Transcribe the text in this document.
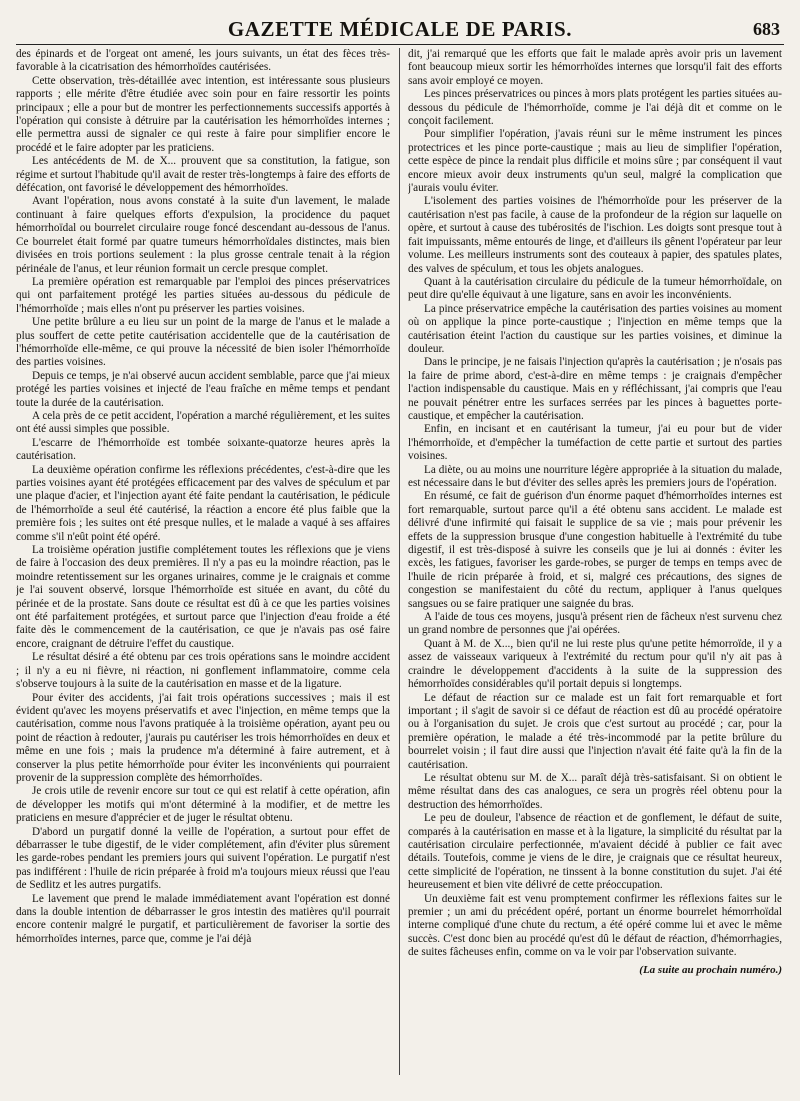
GAZETTE MÉDICALE DE PARIS.	683

des épinards et de l'orgeat ont amené, les jours suivants, un état des fèces très-favorable à la cicatrisation des hémorrhoïdes cautérisées.

Cette observation, très-détaillée avec intention, est intéressante sous plusieurs rapports ; elle mérite d'être étudiée avec soin pour en faire ressortir les points principaux ; elle a pour but de montrer les perfectionnements successifs apportés à l'opération qui consiste à détruire par la cautérisation les hémorrhoïdes internes ; elle permettra aussi de signaler ce qui reste à faire pour simplifier encore le procédé et le faire adopter par les praticiens.

Les antécédents de M. de X... prouvent que sa constitution, la fatigue, son régime et surtout l'habitude qu'il avait de rester très-longtemps à faire des efforts de défécation, ont favorisé le développement des hémorrhoïdes.

Avant l'opération, nous avons constaté à la suite d'un lavement, le malade continuant à faire quelques efforts d'expulsion, la procidence du paquet hémorrhoïdal ou bourrelet circulaire rouge foncé descendant au-dessous de l'anus. Ce bourrelet était formé par quatre tumeurs hémorrhoïdales distinctes, mais bien divisées en trois portions seulement : la plus grosse centrale tenait à la région périnéale de l'anus, et leur réunion formait un cercle presque complet.

La première opération est remarquable par l'emploi des pinces préservatrices qui ont parfaitement protégé les parties situées au-dessous du pédicule de l'hémorrhoïde ; mais elles n'ont pu préserver les parties voisines.

Une petite brûlure a eu lieu sur un point de la marge de l'anus et le malade a plus souffert de cette petite cautérisation accidentelle que de la cautérisation de l'hémorrhoïde elle-même, ce qui prouve la nécessité de bien isoler l'hémorrhoïde des parties voisines.

Depuis ce temps, je n'ai observé aucun accident semblable, parce que j'ai mieux protégé les parties voisines et injecté de l'eau fraîche en même temps et pendant toute la durée de la cautérisation.

A cela près de ce petit accident, l'opération a marché régulièrement, et les suites ont été aussi simples que possible.

L'escarre de l'hémorrhoïde est tombée soixante-quatorze heures après la cautérisation.

La deuxième opération confirme les réflexions précédentes, c'est-à-dire que les parties voisines ayant été protégées efficacement par des valves de spéculum et par une plaque d'acier, et l'injection ayant été faite pendant la cautérisation, le pédicule de l'hémorrhoïde a seul été cautérisé, la réaction a encore été plus faible que la première fois ; les suites ont été presque nulles, et le malade a vaqué à ses affaires comme s'il n'eût point été opéré.

La troisième opération justifie complétement toutes les réflexions que je viens de faire à l'occasion des deux premières. Il n'y a pas eu la moindre réaction, pas le moindre retentissement sur les organes urinaires, comme je le craignais et comme je l'ai souvent observé, lorsque l'hémorrhoïde est située en avant, du côté du périnée et de la prostate. Sans doute ce résultat est dû à ce que les parties voisines ont été parfaitement protégées, et surtout parce que l'injection d'eau froide a été faite dès le commencement de la cautérisation, ce que je n'avais pas osé faire encore, craignant de détruire l'effet du caustique.

Le résultat désiré a été obtenu par ces trois opérations sans le moindre accident ; il n'y a eu ni fièvre, ni réaction, ni gonflement inflammatoire, comme cela s'observe toujours à la suite de la cautérisation en masse et de la ligature.

Pour éviter des accidents, j'ai fait trois opérations successives ; mais il est évident qu'avec les moyens préservatifs et avec l'injection, en même temps que la cautérisation, comme nous l'avons pratiquée à la troisième opération, ayant peu ou point de réaction à redouter, j'aurais pu cautériser les trois hémorrhoïdes en deux et même en une fois ; mais la prudence m'a déterminé à faire autrement, et à conserver la plus petite hémorrhoïde pour éviter les inconvénients qui pourraient provenir de la suppression complète des hémorrhoïdes.

Je crois utile de revenir encore sur tout ce qui est relatif à cette opération, afin de développer les motifs qui m'ont déterminé à la modifier, et de mettre les praticiens en mesure d'apprécier et de juger le résultat obtenu.

D'abord un purgatif donné la veille de l'opération, a surtout pour effet de débarrasser le tube digestif, de le vider complétement, afin d'éviter plus sûrement les garde-robes pendant les premiers jours qui suivent l'opération. Le purgatif n'est pas indifférent : l'huile de ricin préparée à froid m'a toujours mieux réussi que l'eau de Sedlitz et les autres purgatifs.

Le lavement que prend le malade immédiatement avant l'opération est donné dans la double intention de débarrasser le gros intestin des matières qu'il pourrait encore contenir malgré le purgatif, et particulièrement de favoriser la sortie des hémorrhoïdes internes, parce que, comme je l'ai déjà

dit, j'ai remarqué que les efforts que fait le malade après avoir pris un lavement font beaucoup mieux sortir les hémorrhoïdes internes que lorsqu'il fait des efforts sans avoir employé ce moyen.

Les pinces préservatrices ou pinces à mors plats protégent les parties situées au-dessous du pédicule de l'hémorrhoïde, comme je l'ai déjà dit et comme on le conçoit facilement.

Pour simplifier l'opération, j'avais réuni sur le même instrument les pinces protectrices et les pince porte-caustique ; mais au lieu de simplifier l'opération, cette espèce de pince la rendait plus difficile et moins sûre ; par conséquent il vaut encore mieux avoir deux instruments qu'un seul, malgré la complication que j'aurais voulu éviter.

L'isolement des parties voisines de l'hémorrhoïde pour les préserver de la cautérisation n'est pas facile, à cause de la profondeur de la région sur laquelle on opère, et surtout à cause des tubérosités de l'ischion. Les doigts sont presque tout à fait impuissants, même entourés de linge, et d'ailleurs ils gênent l'opérateur par leur volume. Les meilleurs instruments sont des couteaux à papier, des spatules plates, des valves de spéculum, et tous les objets analogues.

Quant à la cautérisation circulaire du pédicule de la tumeur hémorrhoïdale, on peut dire qu'elle équivaut à une ligature, sans en avoir les inconvénients.

La pince préservatrice empêche la cautérisation des parties voisines au moment où on applique la pince porte-caustique ; l'injection en même temps que la cautérisation éteint l'action du caustique sur les parties voisines, et diminue la douleur.

Dans le principe, je ne faisais l'injection qu'après la cautérisation ; je n'osais pas la faire de prime abord, c'est-à-dire en même temps : je craignais d'empêcher l'action indispensable du caustique. Mais en y réfléchissant, j'ai compris que l'eau ne pouvait pénétrer entre les surfaces serrées par les pinces à baguettes porte-caustique, et empêcher la cautérisation.

Enfin, en incisant et en cautérisant la tumeur, j'ai eu pour but de vider l'hémorrhoïde, et d'empêcher la tuméfaction de cette partie et surtout des parties voisines.

La diète, ou au moins une nourriture légère appropriée à la situation du malade, est nécessaire dans le but d'éviter des selles après les premiers jours de l'opération.

En résumé, ce fait de guérison d'un énorme paquet d'hémorrhoïdes internes est fort remarquable, surtout parce qu'il a été obtenu sans accident. Le malade est délivré d'une infirmité qui faisait le supplice de sa vie ; mais pour prévenir les effets de la suppression brusque d'une congestion habituelle à l'extrémité du tube digestif, il est très-disposé à suivre les conseils que je lui ai donnés : éviter les excès, les fatigues, favoriser les garde-robes, se purger de temps en temps avec de l'huile de ricin préparée à froid, et si, malgré ces précautions, des signes de congestion se manifestaient du côté du rectum, appliquer à l'anus quelques sangsues ou se faire pratiquer une saignée du bras.

A l'aide de tous ces moyens, jusqu'à présent rien de fâcheux n'est survenu chez un grand nombre de personnes que j'ai opérées.

Quant à M. de X..., bien qu'il ne lui reste plus qu'une petite hémorroïde, il y a assez de vaisseaux variqueux à l'extrémité du rectum pour qu'il n'y ait pas à craindre le développement d'accidents à la suite de la suppression des hémorrhoïdes considérables qu'il portait depuis si longtemps.

Le défaut de réaction sur ce malade est un fait fort remarquable et fort important ; il s'agit de savoir si ce défaut de réaction est dû au procédé opératoire ou à l'organisation du sujet. Je crois que c'est surtout au procédé ; car, pour la première opération, le malade a été très-incommodé par la petite brûlure du bourrelet voisin ; il faut dire aussi que l'injection n'avait été faite qu'à la fin de la cautérisation.

Le résultat obtenu sur M. de X... paraît déjà très-satisfaisant. Si on obtient le même résultat dans des cas analogues, ce sera un progrès réel obtenu pour la destruction des hémorrhoïdes.

Le peu de douleur, l'absence de réaction et de gonflement, le défaut de suite, comparés à la cautérisation en masse et à la ligature, la simplicité du résultat par la cautérisation circulaire perfectionnée, m'avaient décidé à publier ce fait avec détails. Toutefois, comme je viens de le dire, je craignais que ce résultat heureux, cette simplicité de l'opération, ne tinssent à la bonne constitution du sujet. J'ai été heureusement et bien vite délivré de cette préoccupation.

Un deuxième fait est venu promptement confirmer les réflexions faites sur le premier ; un ami du précédent opéré, portant un énorme bourrelet hémorrhoïdal interne compliqué d'une chute du rectum, a été opéré comme lui et avec le même succès. C'est donc bien au procédé qu'est dû le défaut de réaction, d'hémorrhagies, de suites fâcheuses enfin, comme on va le voir par l'observation suivante.

(La suite au prochain numéro.)
